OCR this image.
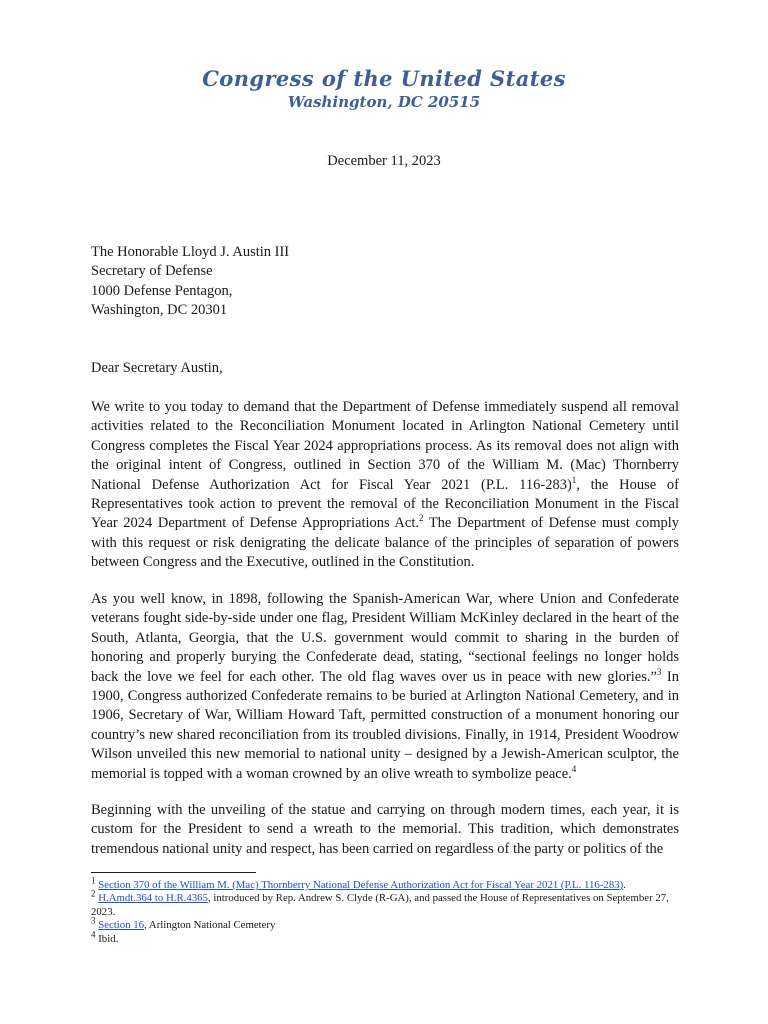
Congress of the United States
Washington, DC 20515
December 11, 2023
The Honorable Lloyd J. Austin III
Secretary of Defense
1000 Defense Pentagon,
Washington, DC 20301
Dear Secretary Austin,
We write to you today to demand that the Department of Defense immediately suspend all removal activities related to the Reconciliation Monument located in Arlington National Cemetery until Congress completes the Fiscal Year 2024 appropriations process. As its removal does not align with the original intent of Congress, outlined in Section 370 of the William M. (Mac) Thornberry National Defense Authorization Act for Fiscal Year 2021 (P.L. 116-283)$^1$, the House of Representatives took action to prevent the removal of the Reconciliation Monument in the Fiscal Year 2024 Department of Defense Appropriations Act.$^2$ The Department of Defense must comply with this request or risk denigrating the delicate balance of the principles of separation of powers between Congress and the Executive, outlined in the Constitution.
As you well know, in 1898, following the Spanish-American War, where Union and Confederate veterans fought side-by-side under one flag, President William McKinley declared in the heart of the South, Atlanta, Georgia, that the U.S. government would commit to sharing in the burden of honoring and properly burying the Confederate dead, stating, “sectional feelings no longer holds back the love we feel for each other. The old flag waves over us in peace with new glories.”$^3$ In 1900, Congress authorized Confederate remains to be buried at Arlington National Cemetery, and in 1906, Secretary of War, William Howard Taft, permitted construction of a monument honoring our country’s new shared reconciliation from its troubled divisions. Finally, in 1914, President Woodrow Wilson unveiled this new memorial to national unity – designed by a Jewish-American sculptor, the memorial is topped with a woman crowned by an olive wreath to symbolize peace.$^4$
Beginning with the unveiling of the statue and carrying on through modern times, each year, it is custom for the President to send a wreath to the memorial. This tradition, which demonstrates tremendous national unity and respect, has been carried on regardless of the party or politics of the
$^1$ Section 370 of the William M. (Mac) Thornberry National Defense Authorization Act for Fiscal Year 2021 (P.L. 116-283).
$^2$ H.Amdt.364 to H.R.4365, introduced by Rep. Andrew S. Clyde (R-GA), and passed the House of Representatives on September 27, 2023.
$^3$ Section 16, Arlington National Cemetery
$^4$ Ibid.
